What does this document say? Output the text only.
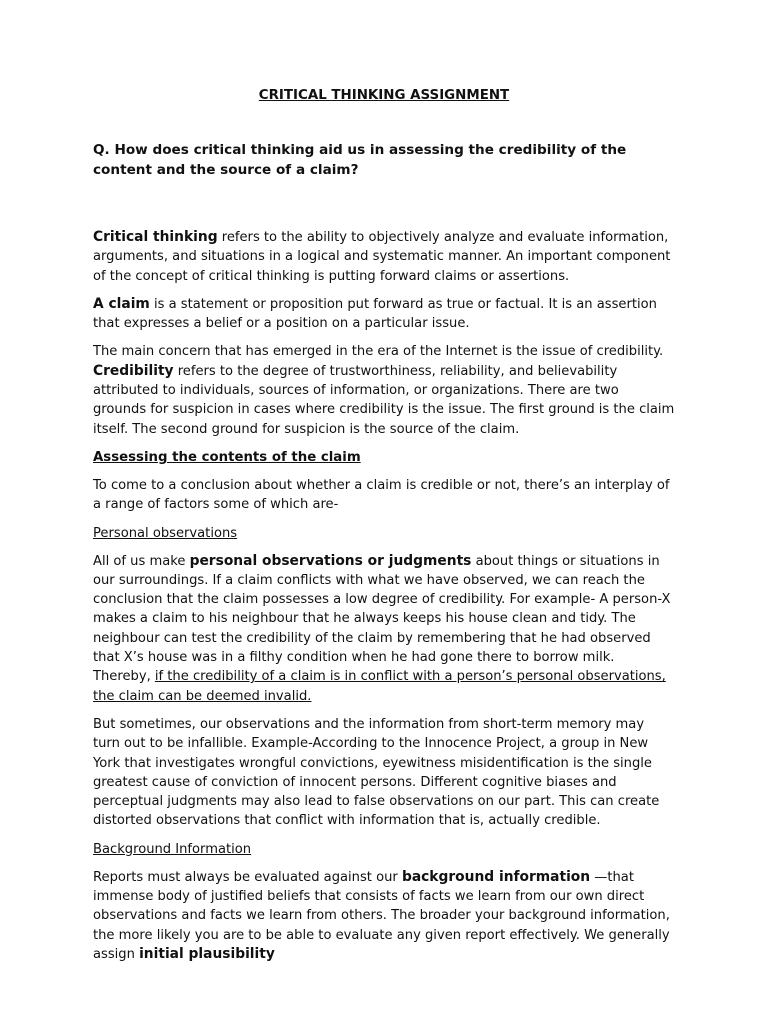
CRITICAL THINKING ASSIGNMENT
Q. How does critical thinking aid us in assessing the credibility of the content and the source of a claim?

Critical thinking refers to the ability to objectively analyze and evaluate information, arguments, and situations in a logical and systematic manner. An important component of the concept of critical thinking is putting forward claims or assertions.

A claim is a statement or proposition put forward as true or factual. It is an assertion that expresses a belief or a position on a particular issue.

The main concern that has emerged in the era of the Internet is the issue of credibility. Credibility refers to the degree of trustworthiness, reliability, and believability attributed to individuals, sources of information, or organizations. There are two grounds for suspicion in cases where credibility is the issue. The first ground is the claim itself. The second ground for suspicion is the source of the claim.

Assessing the contents of the claim

To come to a conclusion about whether a claim is credible or not, there’s an interplay of a range of factors some of which are-

Personal observations

All of us make personal observations or judgments about things or situations in our surroundings. If a claim conflicts with what we have observed, we can reach the conclusion that the claim possesses a low degree of credibility. For example- A person-X makes a claim to his neighbour that he always keeps his house clean and tidy. The neighbour can test the credibility of the claim by remembering that he had observed that X’s house was in a filthy condition when he had gone there to borrow milk. Thereby, if the credibility of a claim is in conflict with a person’s personal observations, the claim can be deemed invalid.

But sometimes, our observations and the information from short-term memory may turn out to be infallible. Example-According to the Innocence Project, a group in New York that investigates wrongful convictions, eyewitness misidentification is the single greatest cause of conviction of innocent persons. Different cognitive biases and perceptual judgments may also lead to false observations on our part. This can create distorted observations that conflict with information that is, actually credible.

Background Information

Reports must always be evaluated against our background information —that immense body of justified beliefs that consists of facts we learn from our own direct observations and facts we learn from others. The broader your background information, the more likely you are to be able to evaluate any given report effectively. We generally assign initial plausibility
